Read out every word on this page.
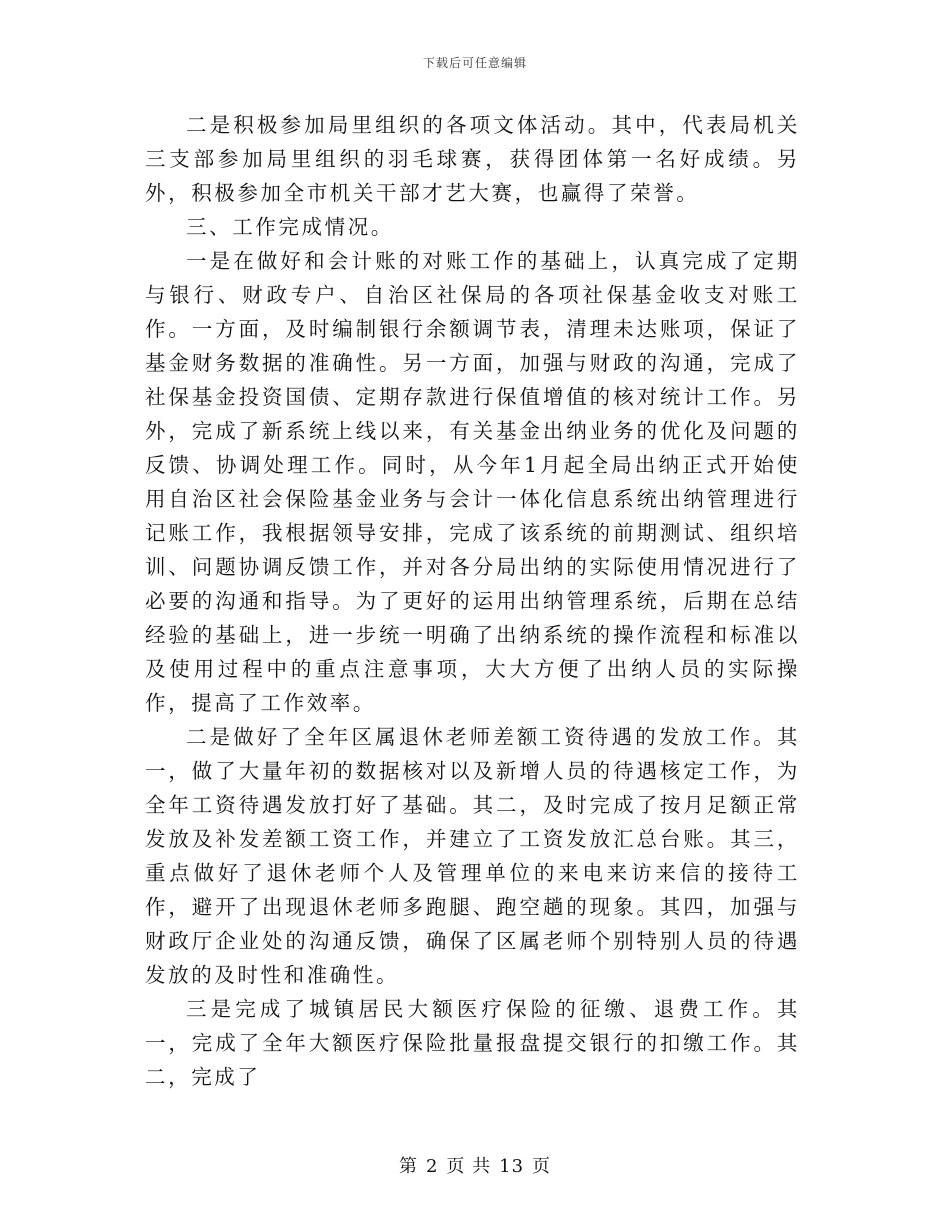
下载后可任意编辑

二是积极参加局里组织的各项文体活动。其中，代表局机关三支部参加局里组织的羽毛球赛，获得团体第一名好成绩。另外，积极参加全市机关干部才艺大赛，也赢得了荣誉。

三、工作完成情况。

一是在做好和会计账的对账工作的基础上，认真完成了定期与银行、财政专户、自治区社保局的各项社保基金收支对账工作。一方面，及时编制银行余额调节表，清理未达账项，保证了基金财务数据的准确性。另一方面，加强与财政的沟通，完成了社保基金投资国债、定期存款进行保值增值的核对统计工作。另外，完成了新系统上线以来，有关基金出纳业务的优化及问题的反馈、协调处理工作。同时，从今年1月起全局出纳正式开始使用自治区社会保险基金业务与会计一体化信息系统出纳管理进行记账工作，我根据领导安排，完成了该系统的前期测试、组织培训、问题协调反馈工作，并对各分局出纳的实际使用情况进行了必要的沟通和指导。为了更好的运用出纳管理系统，后期在总结经验的基础上，进一步统一明确了出纳系统的操作流程和标准以及使用过程中的重点注意事项，大大方便了出纳人员的实际操作，提高了工作效率。

二是做好了全年区属退休老师差额工资待遇的发放工作。其一，做了大量年初的数据核对以及新增人员的待遇核定工作，为全年工资待遇发放打好了基础。其二，及时完成了按月足额正常发放及补发差额工资工作，并建立了工资发放汇总台账。其三，重点做好了退休老师个人及管理单位的来电来访来信的接待工作，避开了出现退休老师多跑腿、跑空趟的现象。其四，加强与财政厅企业处的沟通反馈，确保了区属老师个别特别人员的待遇发放的及时性和准确性。

三是完成了城镇居民大额医疗保险的征缴、退费工作。其一，完成了全年大额医疗保险批量报盘提交银行的扣缴工作。其二，完成了

第 2 页 共 13 页
